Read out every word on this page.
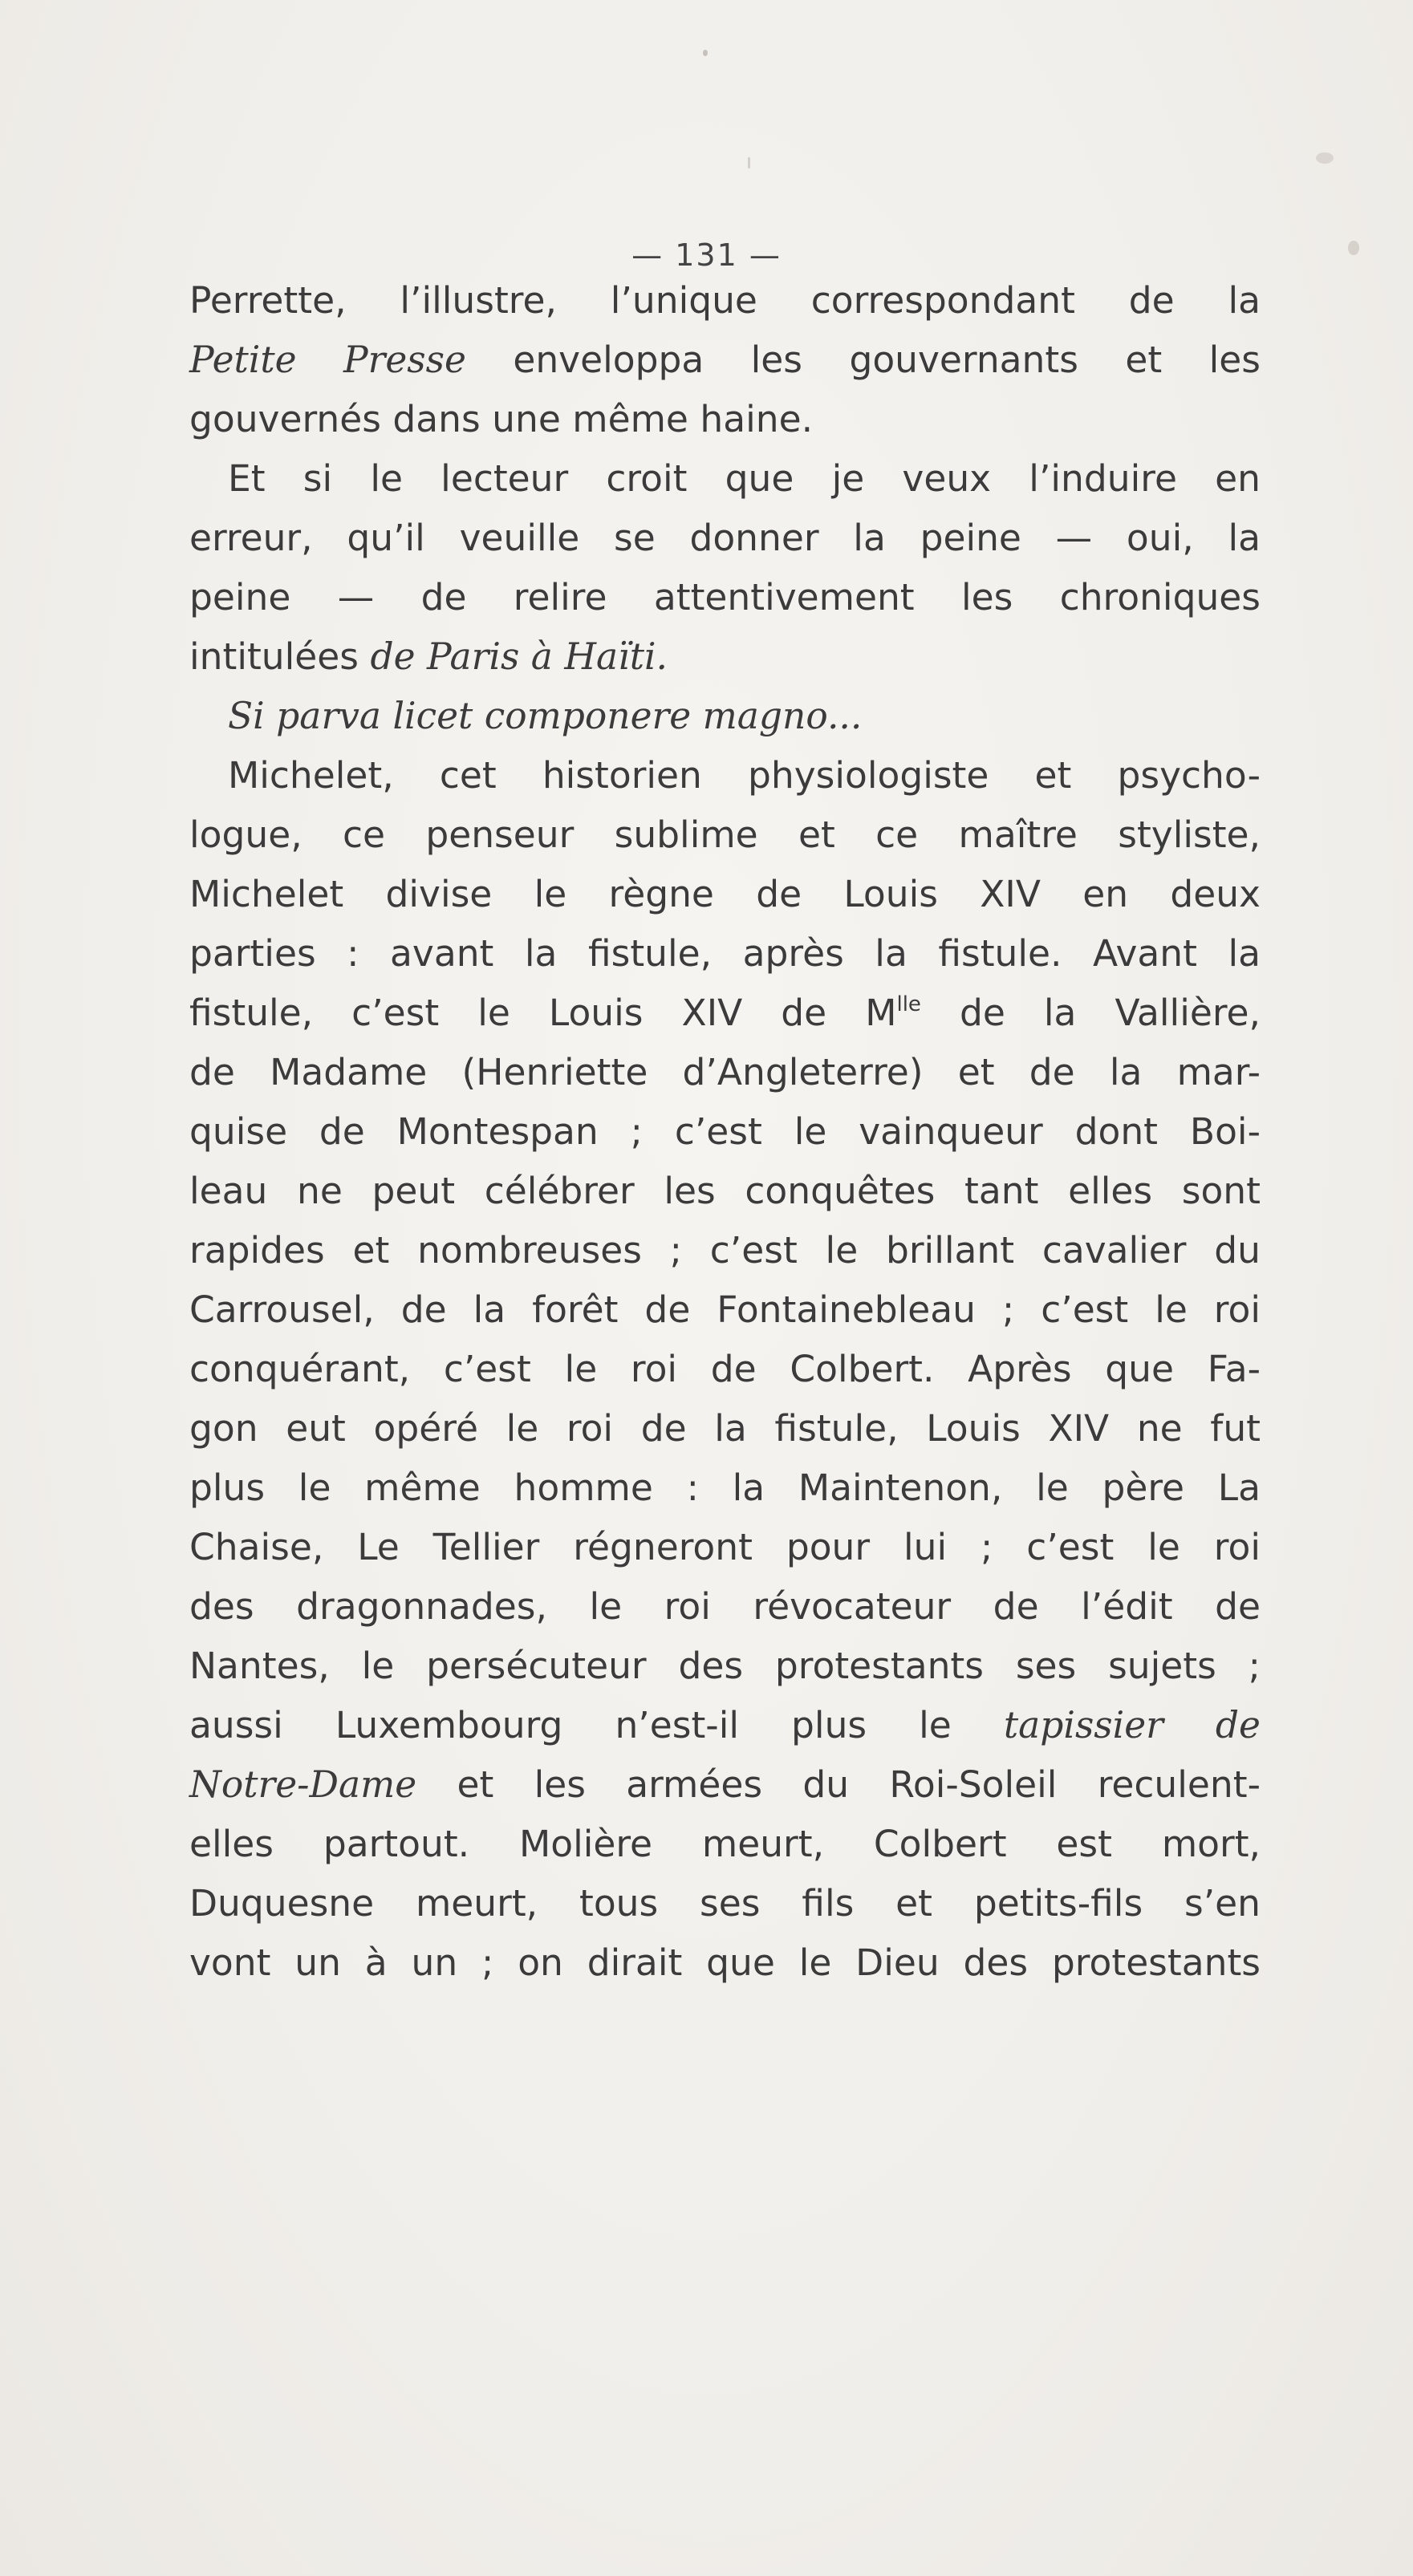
— 131 —
Perrette, l’illustre, l’unique correspondant de la
Petite Presse enveloppa les gouvernants et les
gouvernés dans une même haine.
Et si le lecteur croit que je veux l’induire en
erreur, qu’il veuille se donner la peine — oui, la
peine — de relire attentivement les chroniques
intitulées de Paris à Haïti.
Si parva licet componere magno...
Michelet, cet historien physiologiste et psycho-
logue, ce penseur sublime et ce maître styliste,
Michelet divise le règne de Louis XIV en deux
parties : avant la fistule, après la fistule. Avant la
fistule, c’est le Louis XIV de $M^{lle}$ de la Vallière,
de Madame (Henriette d’Angleterre) et de la mar-
quise de Montespan ; c’est le vainqueur dont Boi-
leau ne peut célébrer les conquêtes tant elles sont
rapides et nombreuses ; c’est le brillant cavalier du
Carrousel, de la forêt de Fontainebleau ; c’est le roi
conquérant, c’est le roi de Colbert. Après que Fa-
gon eut opéré le roi de la fistule, Louis XIV ne fut
plus le même homme : la Maintenon, le père La
Chaise, Le Tellier régneront pour lui ; c’est le roi
des dragonnades, le roi révocateur de l’édit de
Nantes, le persécuteur des protestants ses sujets ;
aussi Luxembourg n’est-il plus le tapissier de
Notre-Dame et les armées du Roi-Soleil reculent-
elles partout. Molière meurt, Colbert est mort,
Duquesne meurt, tous ses fils et petits-fils s’en
vont un à un ; on dirait que le Dieu des protestants
